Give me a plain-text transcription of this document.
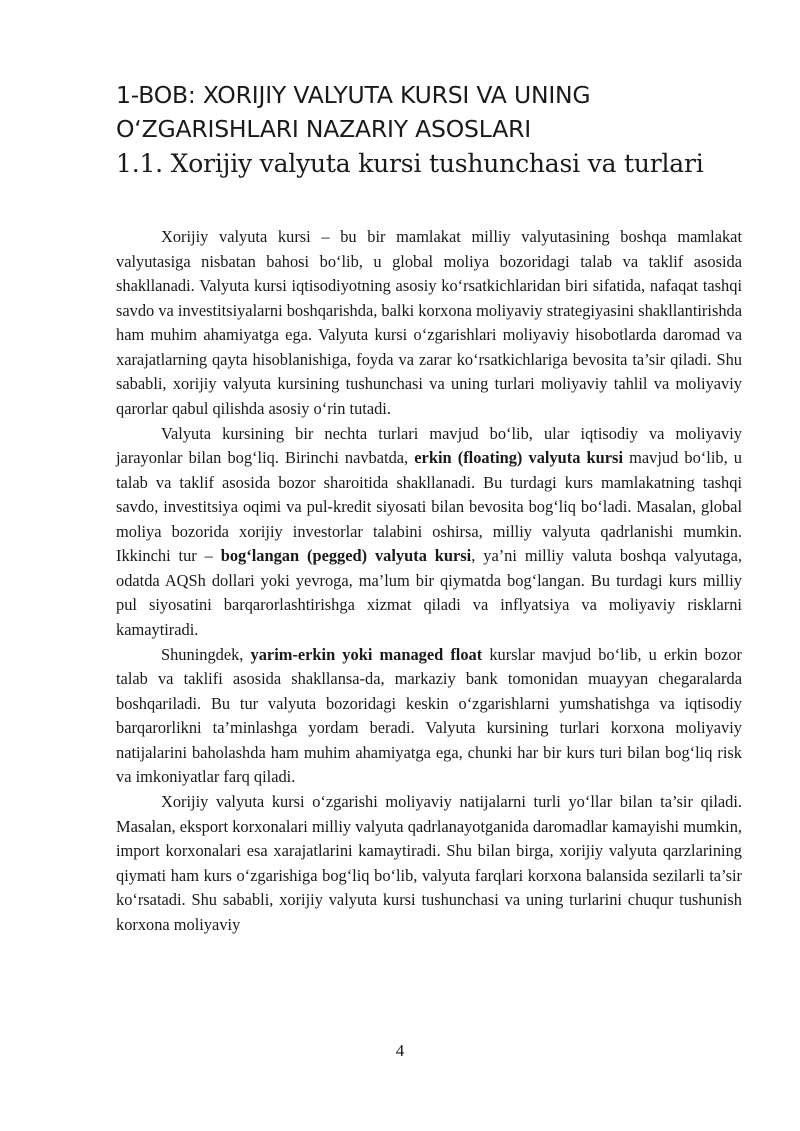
1-BOB: XORIJIY VALYUTA KURSI VA UNING
O‘ZGARISHLARI NAZARIY ASOSLARI
1.1. Xorijiy valyuta kursi tushunchasi va turlari

Xorijiy valyuta kursi – bu bir mamlakat milliy valyutasining boshqa mamlakat valyutasiga nisbatan bahosi bo‘lib, u global moliya bozoridagi talab va taklif asosida shakllanadi. Valyuta kursi iqtisodiyotning asosiy ko‘rsatkichlaridan biri sifatida, nafaqat tashqi savdo va investitsiyalarni boshqarishda, balki korxona moliyaviy strategiyasini shakllantirishda ham muhim ahamiyatga ega. Valyuta kursi o‘zgarishlari moliyaviy hisobotlarda daromad va xarajatlarning qayta hisoblanishiga, foyda va zarar ko‘rsatkichlariga bevosita ta’sir qiladi. Shu sababli, xorijiy valyuta kursining tushunchasi va uning turlari moliyaviy tahlil va moliyaviy qarorlar qabul qilishda asosiy o‘rin tutadi.

Valyuta kursining bir nechta turlari mavjud bo‘lib, ular iqtisodiy va moliyaviy jarayonlar bilan bog‘liq. Birinchi navbatda, erkin (floating) valyuta kursi mavjud bo‘lib, u talab va taklif asosida bozor sharoitida shakllanadi. Bu turdagi kurs mamlakatning tashqi savdo, investitsiya oqimi va pul-kredit siyosati bilan bevosita bog‘liq bo‘ladi. Masalan, global moliya bozorida xorijiy investorlar talabini oshirsa, milliy valyuta qadrlanishi mumkin. Ikkinchi tur – bog‘langan (pegged) valyuta kursi, ya’ni milliy valuta boshqa valyutaga, odatda AQSh dollari yoki yevroga, ma’lum bir qiymatda bog‘langan. Bu turdagi kurs milliy pul siyosatini barqarorlashtirishga xizmat qiladi va inflyatsiya va moliyaviy risklarni kamaytiradi.

Shuningdek, yarim-erkin yoki managed float kurslar mavjud bo‘lib, u erkin bozor talab va taklifi asosida shakllansa-da, markaziy bank tomonidan muayyan chegaralarda boshqariladi. Bu tur valyuta bozoridagi keskin o‘zgarishlarni yumshatishga va iqtisodiy barqarorlikni ta’minlashga yordam beradi. Valyuta kursining turlari korxona moliyaviy natijalarini baholashda ham muhim ahamiyatga ega, chunki har bir kurs turi bilan bog‘liq risk va imkoniyatlar farq qiladi.

Xorijiy valyuta kursi o‘zgarishi moliyaviy natijalarni turli yo‘llar bilan ta’sir qiladi. Masalan, eksport korxonalari milliy valyuta qadrlanayotganida daromadlar kamayishi mumkin, import korxonalari esa xarajatlarini kamaytiradi. Shu bilan birga, xorijiy valyuta qarzlarining qiymati ham kurs o‘zgarishiga bog‘liq bo‘lib, valyuta farqlari korxona balansida sezilarli ta’sir ko‘rsatadi. Shu sababli, xorijiy valyuta kursi tushunchasi va uning turlarini chuqur tushunish korxona moliyaviy

4
